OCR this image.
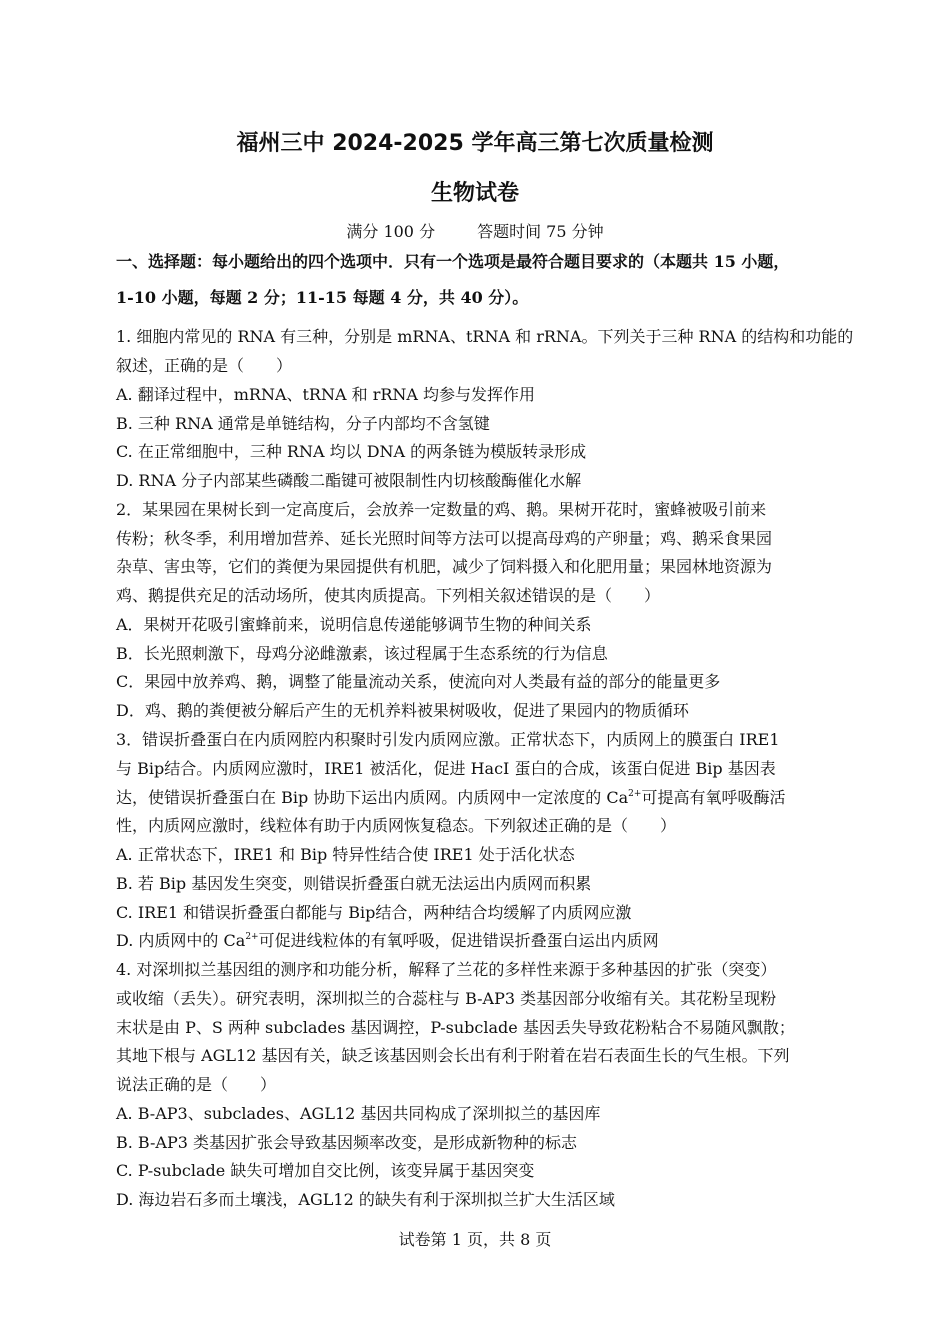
福州三中 2024-2025 学年高三第七次质量检测
生物试卷
满分 100 分	答题时间 75 分钟
一、选择题：每小题给出的四个选项中．只有一个选项是最符合题目要求的（本题共 15 小题，
1-10 小题，每题 2 分；11-15 每题 4 分，共 40 分）。
1. 细胞内常见的 RNA 有三种，分别是 mRNA、tRNA 和 rRNA。下列关于三种 RNA 的结构和功能的
叙述，正确的是（　　）
A. 翻译过程中，mRNA、tRNA 和 rRNA 均参与发挥作用
B. 三种 RNA 通常是单链结构，分子内部均不含氢键
C. 在正常细胞中，三种 RNA 均以 DNA 的两条链为模版转录形成
D. RNA 分子内部某些磷酸二酯键可被限制性内切核酸酶催化水解
2．某果园在果树长到一定高度后，会放养一定数量的鸡、鹅。果树开花时，蜜蜂被吸引前来
传粉；秋冬季，利用增加营养、延长光照时间等方法可以提高母鸡的产卵量；鸡、鹅采食果园
杂草、害虫等，它们的粪便为果园提供有机肥，减少了饲料摄入和化肥用量；果园林地资源为
鸡、鹅提供充足的活动场所，使其肉质提高。下列相关叙述错误的是（　　）
A．果树开花吸引蜜蜂前来，说明信息传递能够调节生物的种间关系
B．长光照刺激下，母鸡分泌雌激素，该过程属于生态系统的行为信息
C．果园中放养鸡、鹅，调整了能量流动关系，使流向对人类最有益的部分的能量更多
D．鸡、鹅的粪便被分解后产生的无机养料被果树吸收，促进了果园内的物质循环
3．错误折叠蛋白在内质网腔内积聚时引发内质网应激。正常状态下，内质网上的膜蛋白 IRE1
与 Bip结合。内质网应激时，IRE1 被活化，促进 HacI 蛋白的合成，该蛋白促进 Bip 基因表
达，使错误折叠蛋白在 Bip 协助下运出内质网。内质网中一定浓度的 $Ca^{2+}$可提高有氧呼吸酶活
性，内质网应激时，线粒体有助于内质网恢复稳态。下列叙述正确的是（　　）
A. 正常状态下，IRE1 和 Bip 特异性结合使 IRE1 处于活化状态
B. 若 Bip 基因发生突变，则错误折叠蛋白就无法运出内质网而积累
C. IRE1 和错误折叠蛋白都能与 Bip结合，两种结合均缓解了内质网应激
D. 内质网中的 $Ca^{2+}$可促进线粒体的有氧呼吸，促进错误折叠蛋白运出内质网
4. 对深圳拟兰基因组的测序和功能分析，解释了兰花的多样性来源于多种基因的扩张（突变）
或收缩（丢失）。研究表明，深圳拟兰的合蕊柱与 B-AP3 类基因部分收缩有关。其花粉呈现粉
末状是由 P、S 两种 subclades 基因调控，P-subclade 基因丢失导致花粉粘合不易随风飘散；
其地下根与 AGL12 基因有关，缺乏该基因则会长出有利于附着在岩石表面生长的气生根。下列
说法正确的是（　　）
A. B-AP3、subclades、AGL12 基因共同构成了深圳拟兰的基因库
B. B-AP3 类基因扩张会导致基因频率改变，是形成新物种的标志
C. P-subclade 缺失可增加自交比例，该变异属于基因突变
D. 海边岩石多而土壤浅，AGL12 的缺失有利于深圳拟兰扩大生活区域
试卷第 1 页，共 8 页
